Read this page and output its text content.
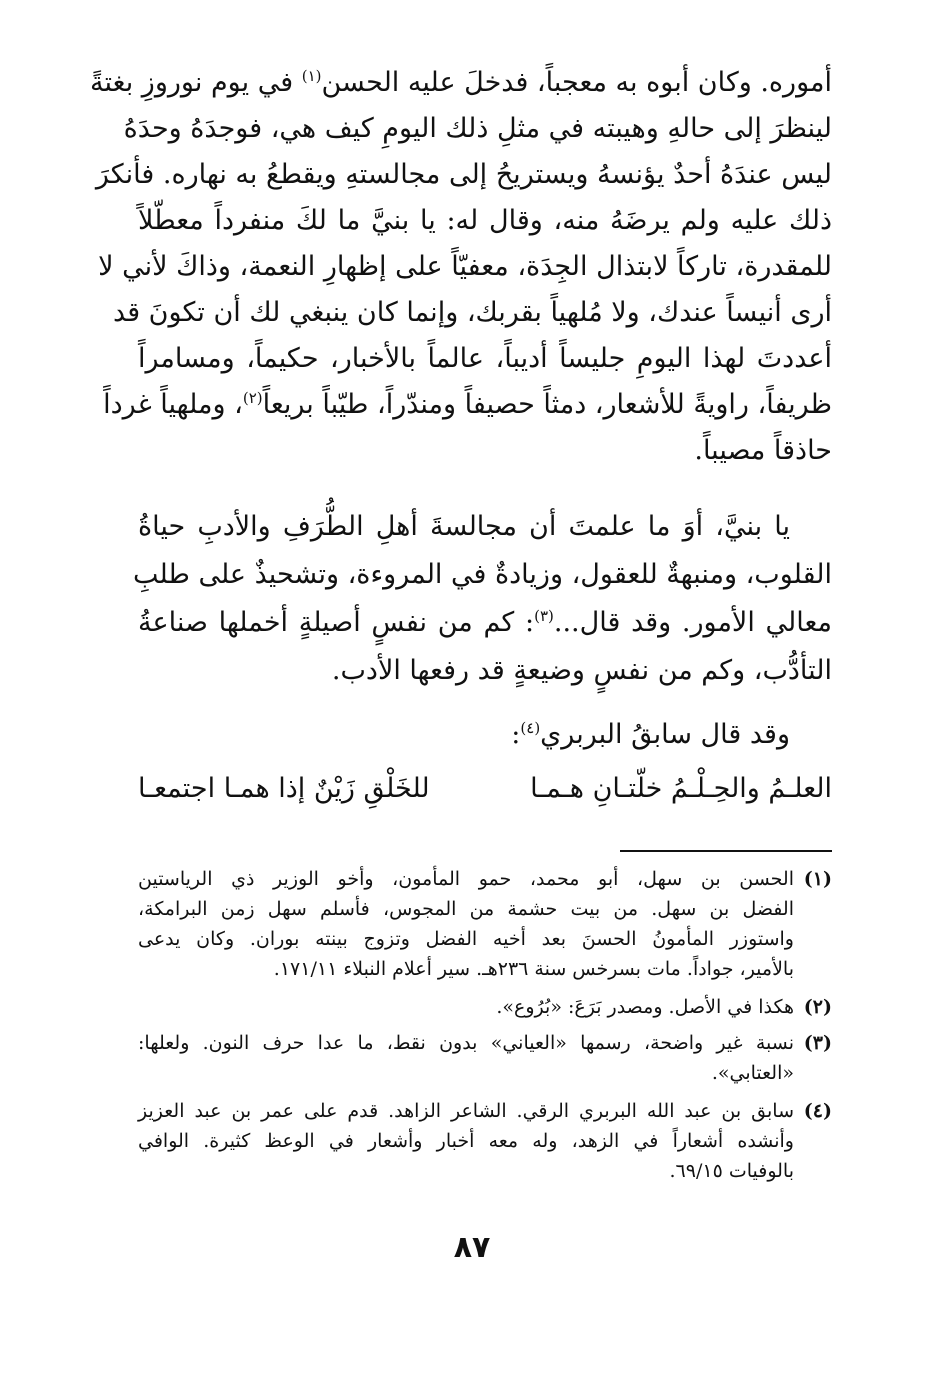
أموره. وكان أبوه به معجباً، فدخلَ عليه الحسن$^{(١)}$ في يوم نوروزِ بغتةً
لينظرَ إلى حالهِ وهيبته في مثلِ ذلك اليومِ كيف هي، فوجدَهُ وحدَهُ
ليس عندَهُ أحدٌ يؤنسهُ ويستريحُ إلى مجالستهِ ويقطعُ به نهاره. فأنكرَ
ذلك عليه ولم يرضَهُ منه، وقال له: يا بنيَّ ما لكَ منفرداً معطّلاً
للمقدرة، تاركاً لابتذال الجِدَة، معفيّاً على إظهارِ النعمة، وذاكَ لأني لا
أرى أنيساً عندك، ولا مُلهياً بقربك، وإنما كان ينبغي لك أن تكونَ قد
أعددتَ لهذا اليومِ جليساً أديباً، عالماً بالأخبار، حكيماً، ومسامراً
ظريفاً، راويةً للأشعار، دمثاً حصيفاً ومندّراً، طيّباً بريعاً$^{(٢)}$، وملهياً غرداً
حاذقاً مصيباً.
يا بنيَّ، أوَ ما علمتَ أن مجالسةَ أهلِ الطُّرَفِ والأدبِ حياةُ
القلوب، ومنبهةٌ للعقول، وزيادةٌ في المروءة، وتشحيذٌ على طلبِ
معالي الأمور. وقد قال...$^{(٣)}$: كم من نفسٍ أصيلةٍ أخملها صناعةُ
التأدُّب، وكم من نفسٍ وضيعةٍ قد رفعها الأدب.
وقد قال سابقُ البربري$^{(٤)}$:
العلـمُ والحِـلْـمُ خلّتـانِ هـمـا
للخَلْقِ زَيْنٌ إذا همـا اجتمعـا
(١)
الحسن بن سهل، أبو محمد، حمو المأمون، وأخو الوزير ذي الرياستين
الفضل بن سهل. من بيت حشمة من المجوس، فأسلم سهل زمن البرامكة،
واستوزر المأمونُ الحسنَ بعد أخيه الفضل وتزوج بينته بوران. وكان يدعى
بالأمير، جواداً. مات بسرخس سنة ٢٣٦هـ. سير أعلام النبلاء ١٧١/١١.
(٢)
هكذا في الأصل. ومصدر بَرَعَ: «بُرُوع».
(٣)
نسبة غير واضحة، رسمها «العياني» بدون نقط، ما عدا حرف النون. ولعلها:
«العتابي».
(٤)
سابق بن عبد الله البربري الرقي. الشاعر الزاهد. قدم على عمر بن عبد العزيز
وأنشده أشعاراً في الزهد، وله معه أخبار وأشعار في الوعظ كثيرة. الوافي
بالوفيات ٦٩/١٥.
٨٧
